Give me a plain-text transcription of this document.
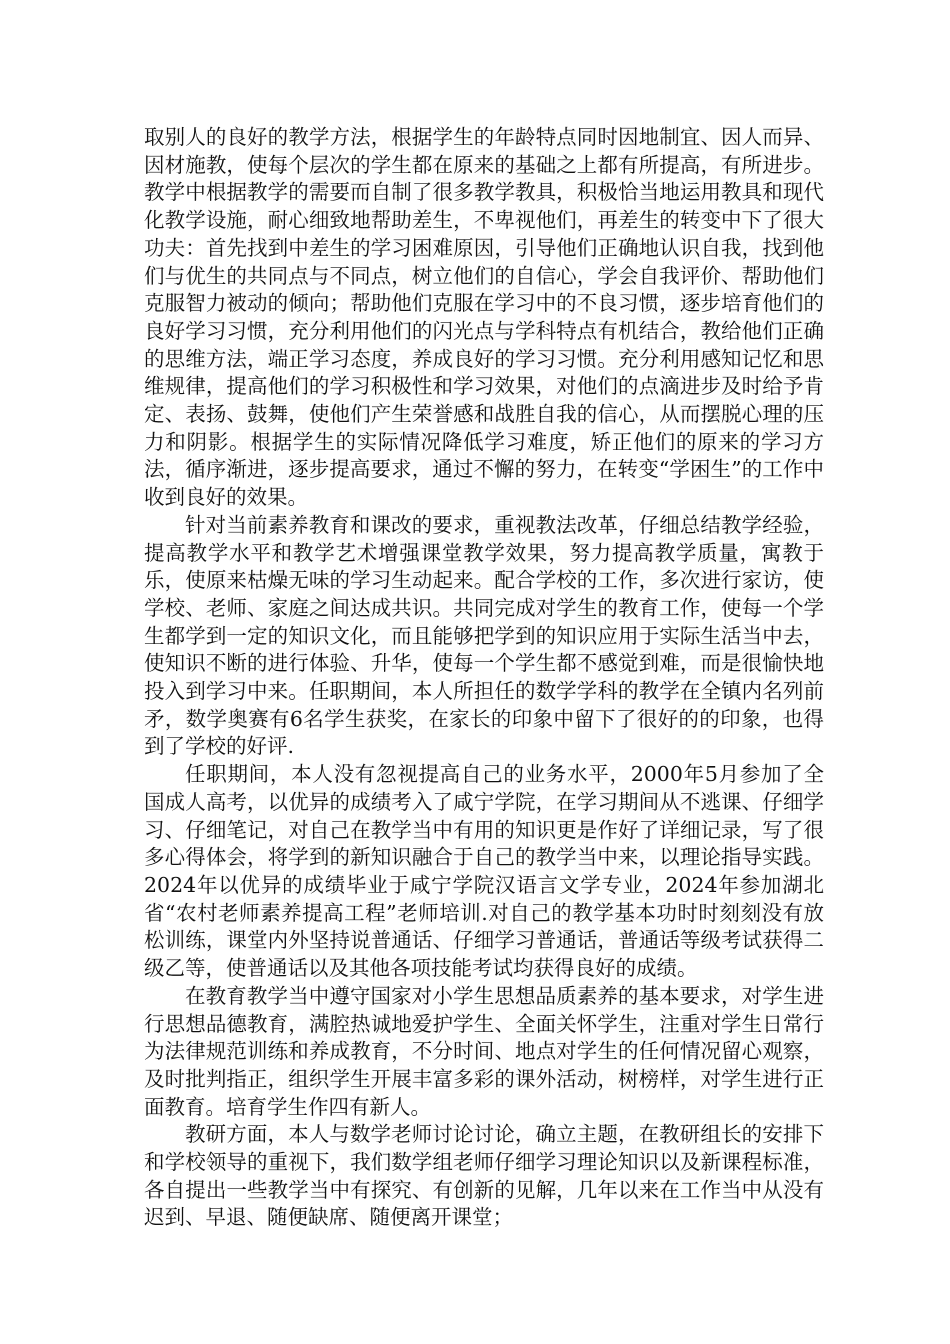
取别人的良好的教学方法，根据学生的年龄特点同时因地制宜、因人而异、因材施教，使每个层次的学生都在原来的基础之上都有所提高，有所进步。教学中根据教学的需要而自制了很多教学教具，积极恰当地运用教具和现代化教学设施，耐心细致地帮助差生，不卑视他们，再差生的转变中下了很大功夫：首先找到中差生的学习困难原因，引导他们正确地认识自我，找到他们与优生的共同点与不同点，树立他们的自信心，学会自我评价、帮助他们克服智力被动的倾向；帮助他们克服在学习中的不良习惯，逐步培育他们的良好学习习惯，充分利用他们的闪光点与学科特点有机结合，教给他们正确的思维方法，端正学习态度，养成良好的学习习惯。充分利用感知记忆和思维规律，提高他们的学习积极性和学习效果，对他们的点滴进步及时给予肯定、表扬、鼓舞，使他们产生荣誉感和战胜自我的信心，从而摆脱心理的压力和阴影。根据学生的实际情况降低学习难度，矫正他们的原来的学习方法，循序渐进，逐步提高要求，通过不懈的努力，在转变“学困生”的工作中收到良好的效果。

针对当前素养教育和课改的要求，重视教法改革，仔细总结教学经验，提高教学水平和教学艺术增强课堂教学效果，努力提高教学质量，寓教于乐，使原来枯燥无味的学习生动起来。配合学校的工作，多次进行家访，使学校、老师、家庭之间达成共识。共同完成对学生的教育工作，使每一个学生都学到一定的知识文化，而且能够把学到的知识应用于实际生活当中去，使知识不断的进行体验、升华，使每一个学生都不感觉到难，而是很愉快地投入到学习中来。任职期间，本人所担任的数学学科的教学在全镇内名列前矛，数学奥赛有6名学生获奖，在家长的印象中留下了很好的的印象，也得到了学校的好评.

任职期间，本人没有忽视提高自己的业务水平，2000年5月参加了全国成人高考，以优异的成绩考入了咸宁学院，在学习期间从不逃课、仔细学习、仔细笔记，对自己在教学当中有用的知识更是作好了详细记录，写了很多心得体会，将学到的新知识融合于自己的教学当中来，以理论指导实践。2024年以优异的成绩毕业于咸宁学院汉语言文学专业，2024年参加湖北省“农村老师素养提高工程”老师培训.对自己的教学基本功时时刻刻没有放松训练，课堂内外坚持说普通话、仔细学习普通话，普通话等级考试获得二级乙等，使普通话以及其他各项技能考试均获得良好的成绩。

在教育教学当中遵守国家对小学生思想品质素养的基本要求，对学生进行思想品德教育，满腔热诚地爱护学生、全面关怀学生，注重对学生日常行为法律规范训练和养成教育，不分时间、地点对学生的任何情况留心观察，及时批判指正，组织学生开展丰富多彩的课外活动，树榜样，对学生进行正面教育。培育学生作四有新人。

教研方面，本人与数学老师讨论讨论，确立主题，在教研组长的安排下和学校领导的重视下，我们数学组老师仔细学习理论知识以及新课程标准，各自提出一些教学当中有探究、有创新的见解，几年以来在工作当中从没有迟到、早退、随便缺席、随便离开课堂；
